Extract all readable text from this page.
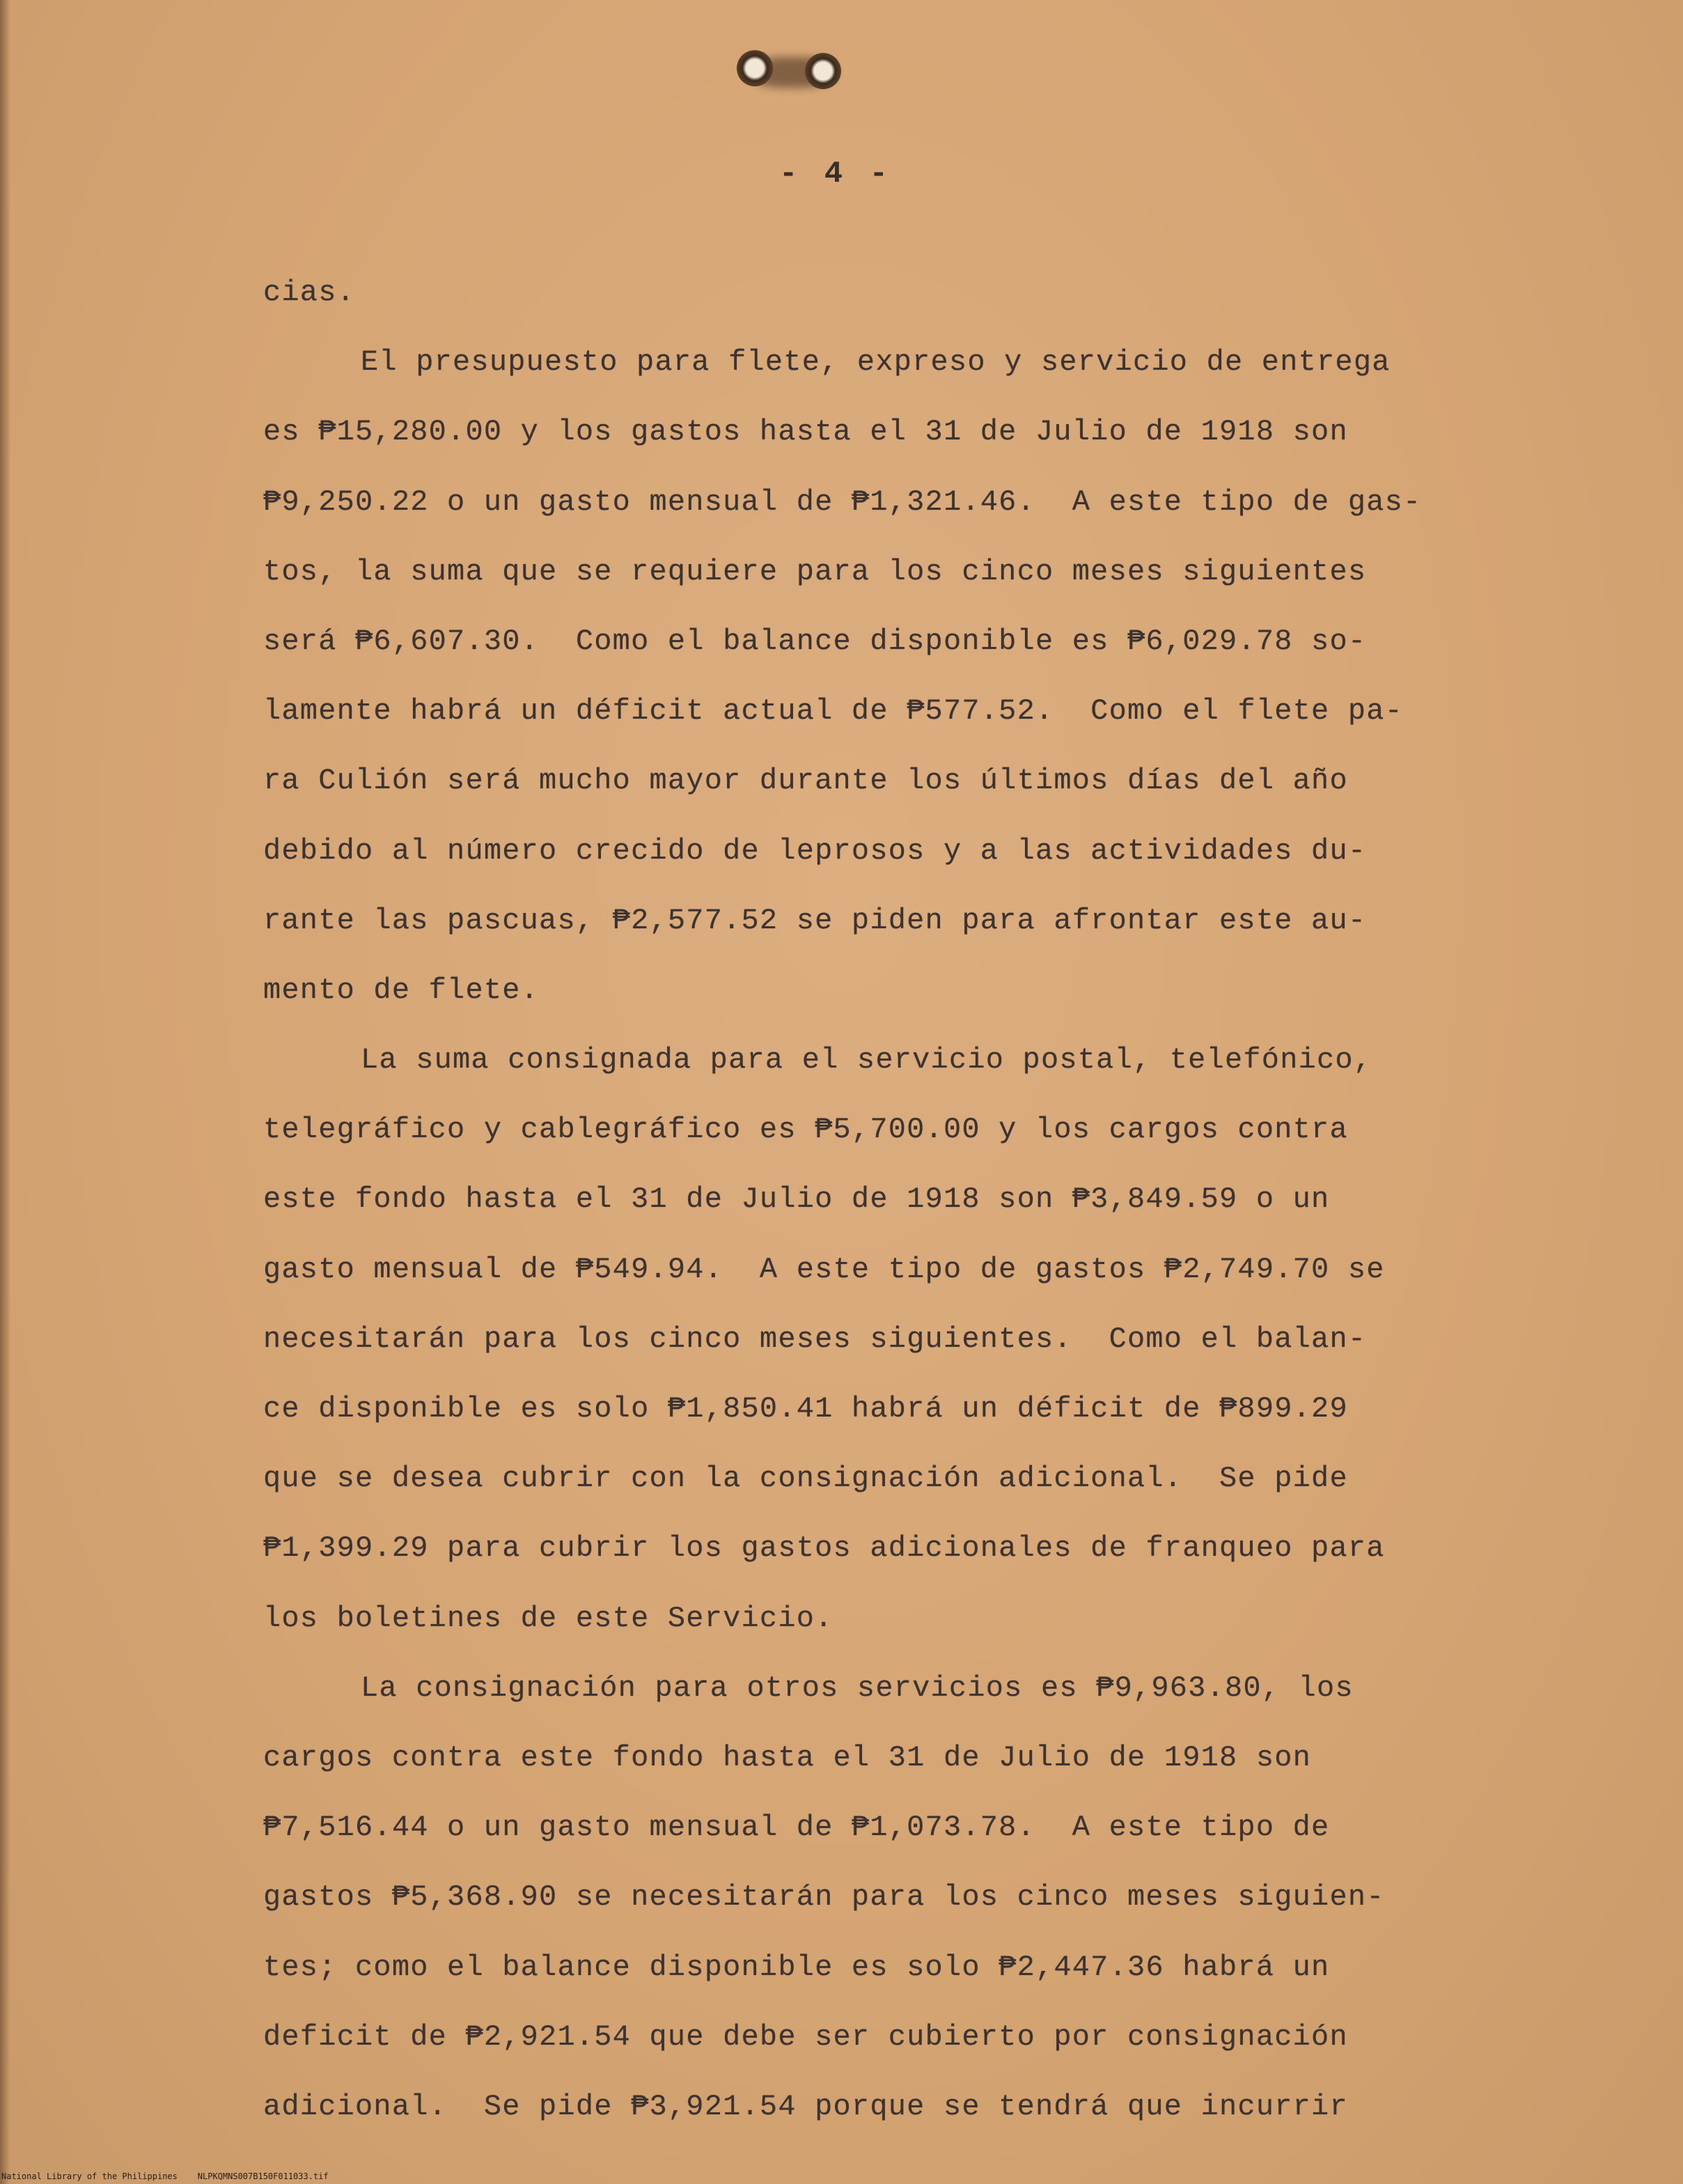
- 4 -
cias.
El presupuesto para flete, expreso y servicio de entrega
es ₱15,280.00 y los gastos hasta el 31 de Julio de 1918 son
₱9,250.22 o un gasto mensual de ₱1,321.46.  A este tipo de gas-
tos, la suma que se requiere para los cinco meses siguientes
será ₱6,607.30.  Como el balance disponible es ₱6,029.78 so-
lamente habrá un déficit actual de ₱577.52.  Como el flete pa-
ra Culión será mucho mayor durante los últimos días del año
debido al número crecido de leprosos y a las actividades du-
rante las pascuas, ₱2,577.52 se piden para afrontar este au-
mento de flete.
La suma consignada para el servicio postal, telefónico,
telegráfico y cablegráfico es ₱5,700.00 y los cargos contra
este fondo hasta el 31 de Julio de 1918 son ₱3,849.59 o un
gasto mensual de ₱549.94.  A este tipo de gastos ₱2,749.70 se
necesitarán para los cinco meses siguientes.  Como el balan-
ce disponible es solo ₱1,850.41 habrá un déficit de ₱899.29
que se desea cubrir con la consignación adicional.  Se pide
₱1,399.29 para cubrir los gastos adicionales de franqueo para
los boletines de este Servicio.
La consignación para otros servicios es ₱9,963.80, los
cargos contra este fondo hasta el 31 de Julio de 1918 son
₱7,516.44 o un gasto mensual de ₱1,073.78.  A este tipo de
gastos ₱5,368.90 se necesitarán para los cinco meses siguien-
tes; como el balance disponible es solo ₱2,447.36 habrá un
deficit de ₱2,921.54 que debe ser cubierto por consignación
adicional.  Se pide ₱3,921.54 porque se tendrá que incurrir
National Library of the Philippines NLPKQMNS007B150F011033.tif
